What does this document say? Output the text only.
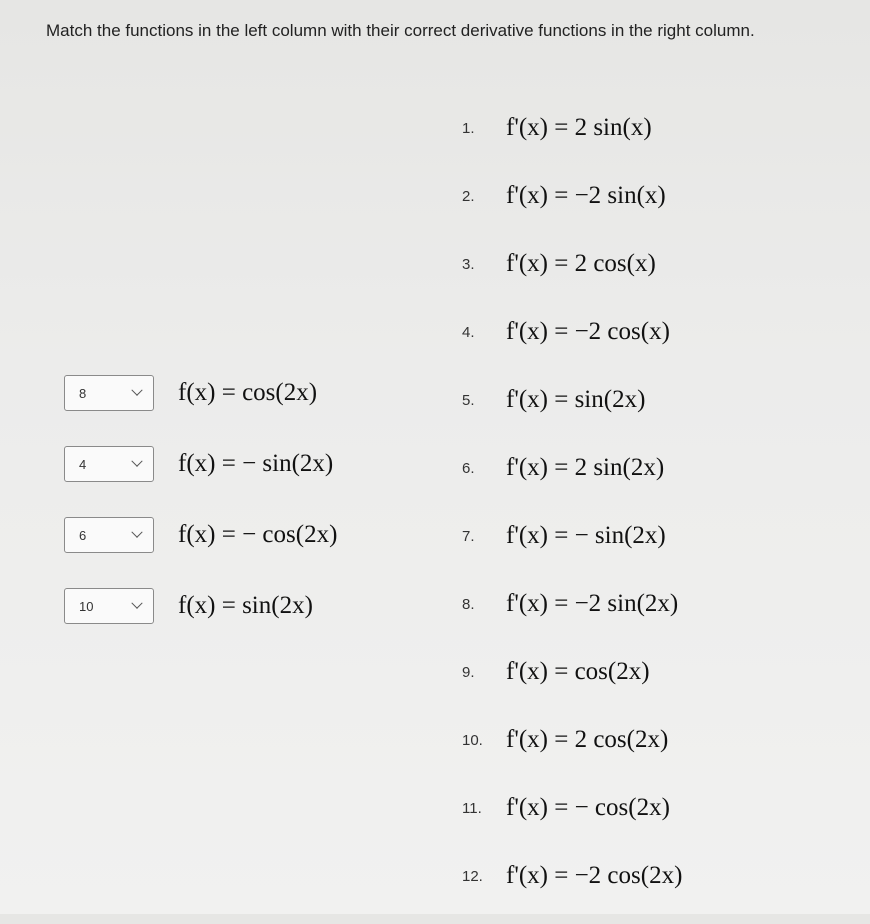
Match the functions in the left column with their correct derivative functions in the right column.
8	f(x) = cos(2x)
4	f(x) = − sin(2x)
6	f(x) = − cos(2x)
10	f(x) = sin(2x)
1.	f'(x) = 2 sin(x)
2.	f'(x) = −2 sin(x)
3.	f'(x) = 2 cos(x)
4.	f'(x) = −2 cos(x)
5.	f'(x) = sin(2x)
6.	f'(x) = 2 sin(2x)
7.	f'(x) = − sin(2x)
8.	f'(x) = −2 sin(2x)
9.	f'(x) = cos(2x)
10. f'(x) = 2 cos(2x)
11. f'(x) = − cos(2x)
12. f'(x) = −2 cos(2x)
